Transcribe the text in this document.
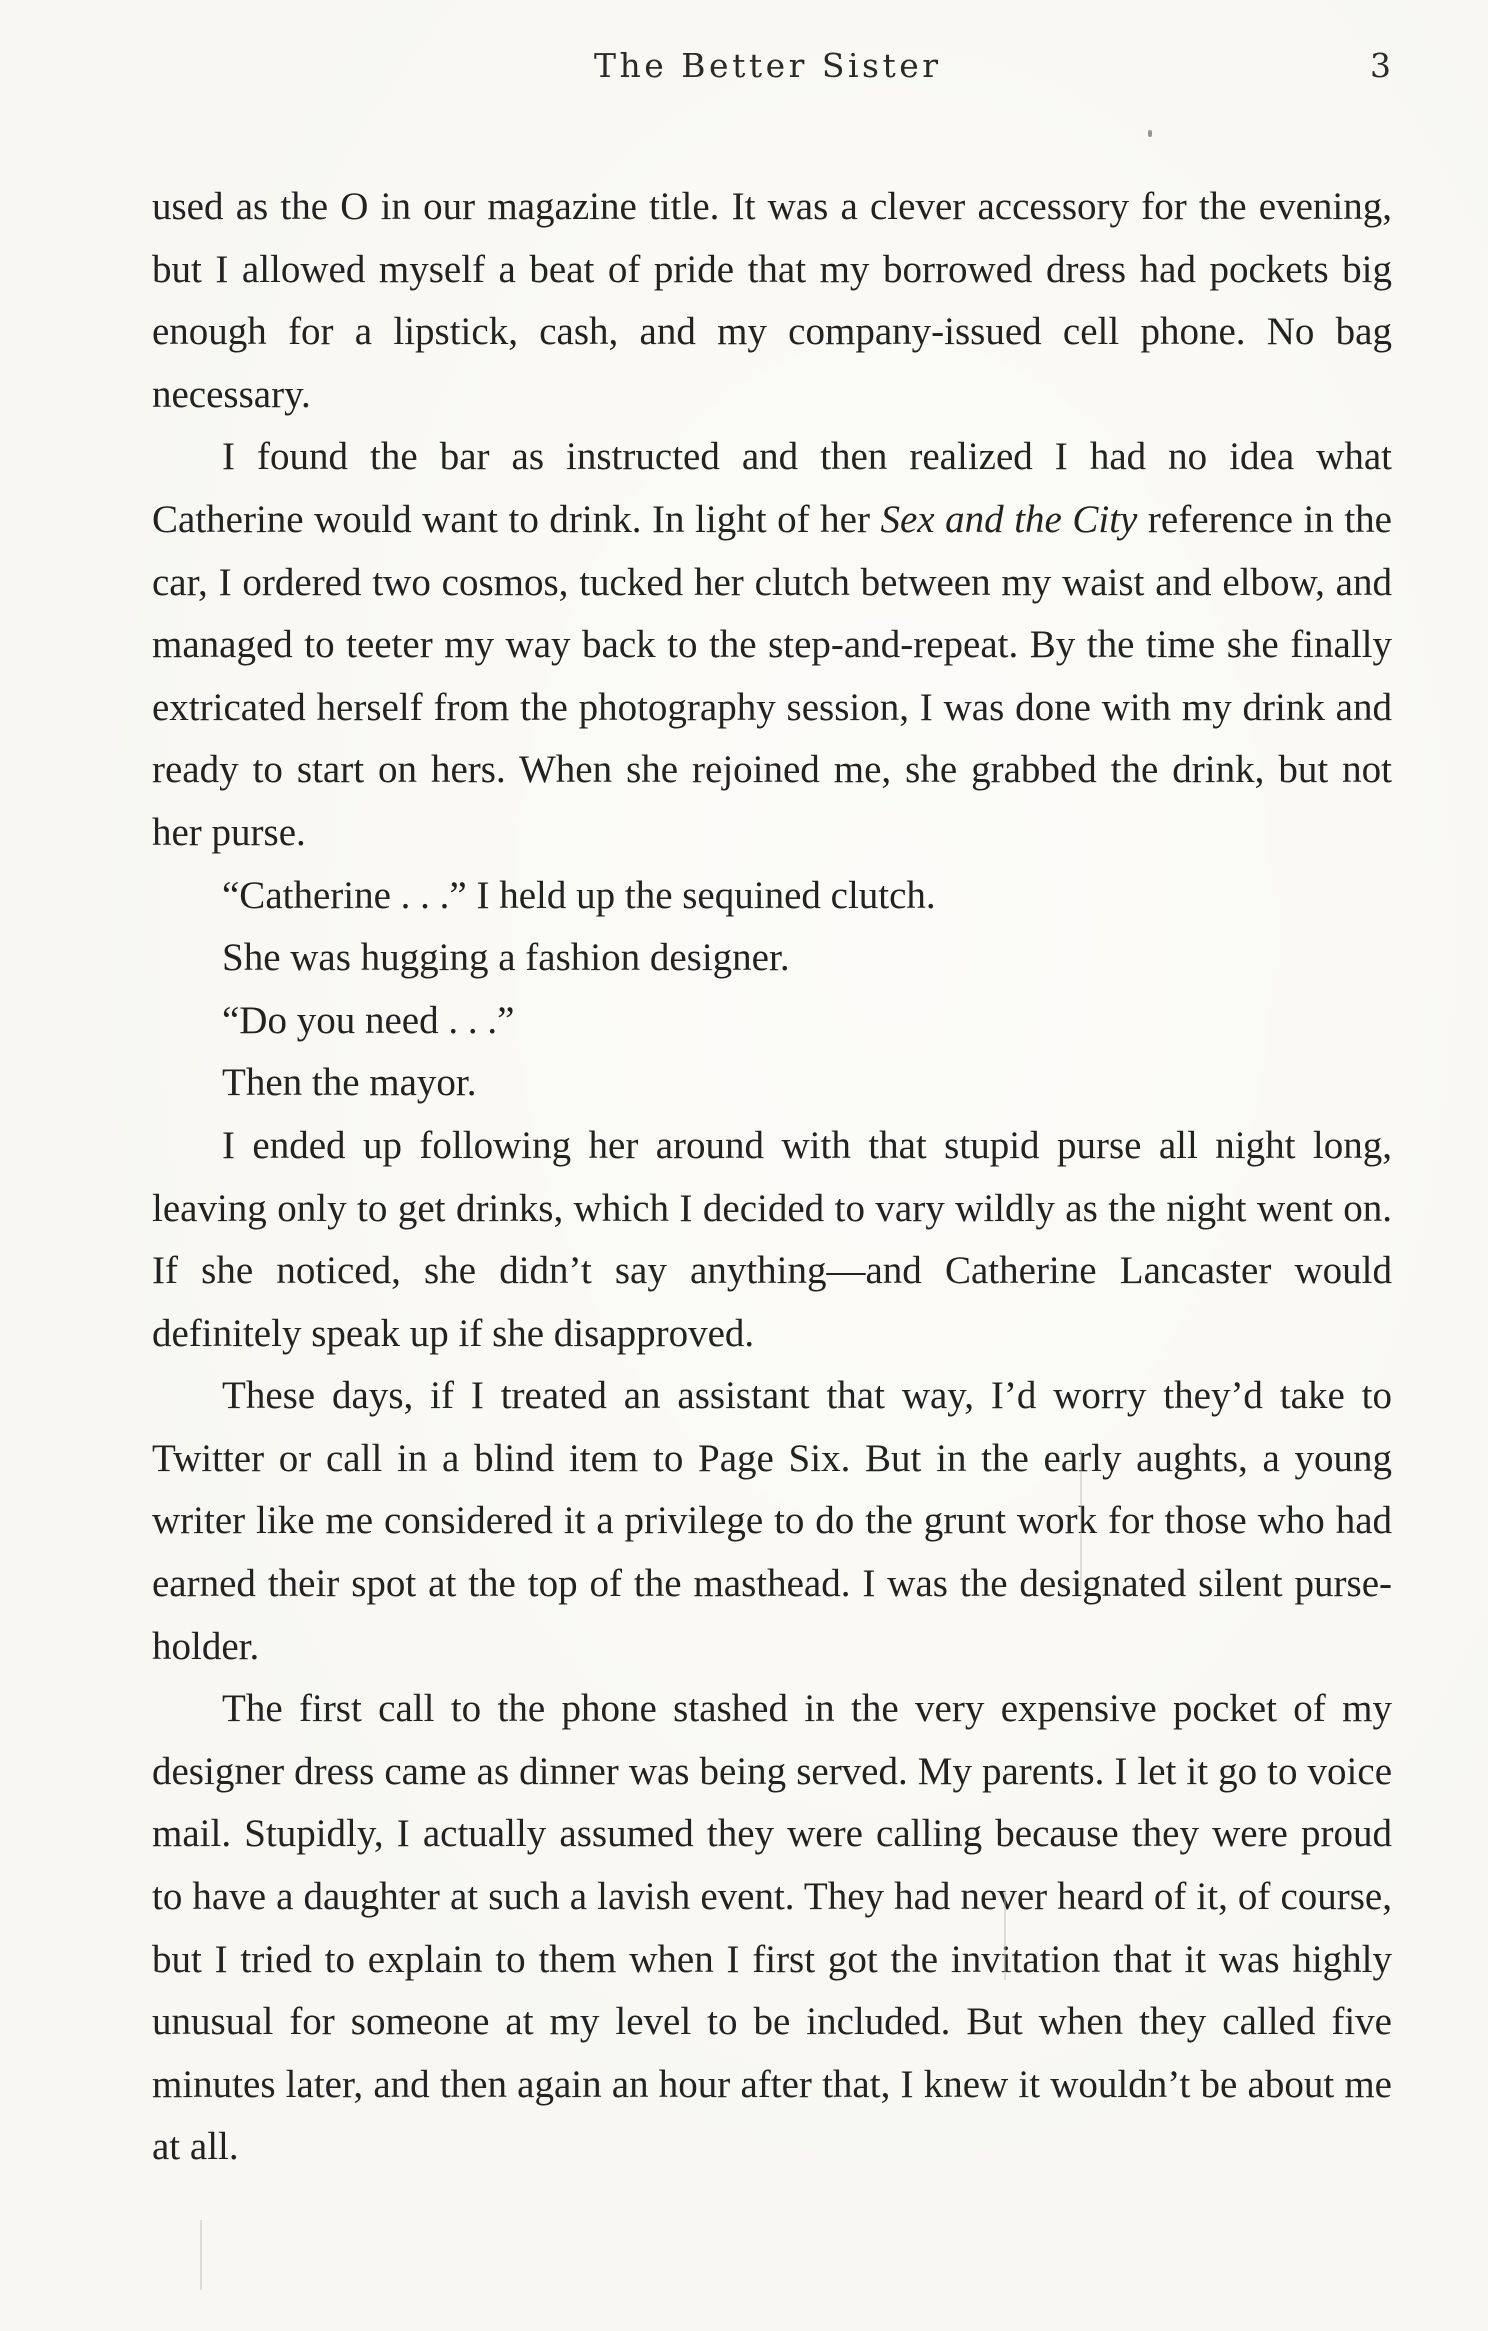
The Better Sister	3

used as the O in our magazine title. It was a clever accessory for the evening, but I allowed myself a beat of pride that my borrowed dress had pockets big enough for a lipstick, cash, and my company-issued cell phone. No bag necessary.

I found the bar as instructed and then realized I had no idea what Catherine would want to drink. In light of her Sex and the City reference in the car, I ordered two cosmos, tucked her clutch between my waist and elbow, and managed to teeter my way back to the step-and-repeat. By the time she finally extricated herself from the photography session, I was done with my drink and ready to start on hers. When she rejoined me, she grabbed the drink, but not her purse.

“Catherine . . .” I held up the sequined clutch.

She was hugging a fashion designer.

“Do you need . . .”

Then the mayor.

I ended up following her around with that stupid purse all night long, leaving only to get drinks, which I decided to vary wildly as the night went on. If she noticed, she didn’t say anything—and Catherine Lancaster would definitely speak up if she disapproved.

These days, if I treated an assistant that way, I’d worry they’d take to Twitter or call in a blind item to Page Six. But in the early aughts, a young writer like me considered it a privilege to do the grunt work for those who had earned their spot at the top of the masthead. I was the designated silent purse-holder.

The first call to the phone stashed in the very expensive pocket of my designer dress came as dinner was being served. My parents. I let it go to voice mail. Stupidly, I actually assumed they were calling because they were proud to have a daughter at such a lavish event. They had never heard of it, of course, but I tried to explain to them when I first got the invitation that it was highly unusual for someone at my level to be included. But when they called five minutes later, and then again an hour after that, I knew it wouldn’t be about me at all.
